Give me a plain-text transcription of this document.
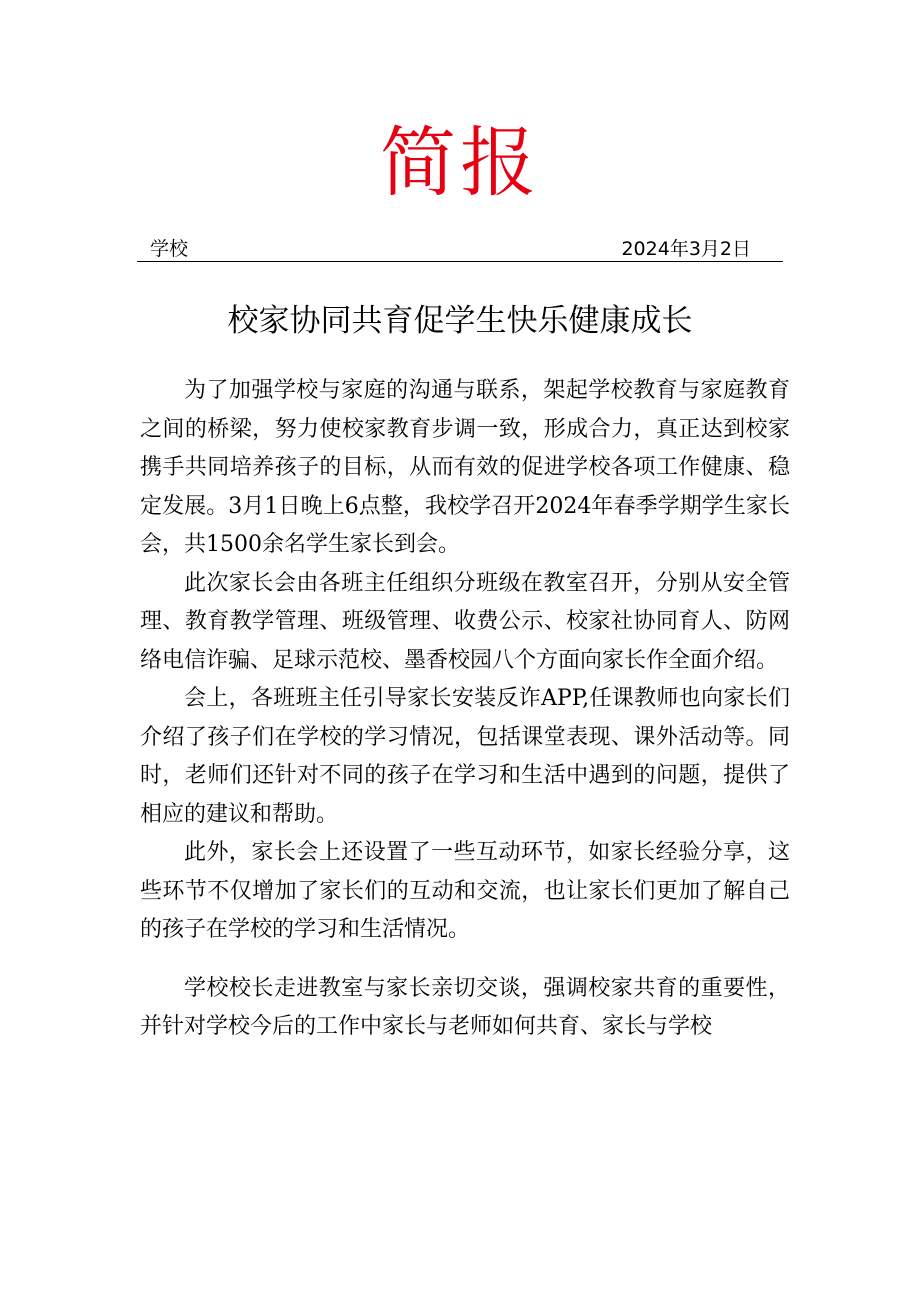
简报
学校	2024年3月2日
校家协同共育促学生快乐健康成长

为了加强学校与家庭的沟通与联系，架起学校教育与家庭教育之间的桥梁，努力使校家教育步调一致，形成合力，真正达到校家携手共同培养孩子的目标，从而有效的促进学校各项工作健康、稳定发展。3月1日晚上6点整，我校学召开2024年春季学期学生家长会，共1500余名学生家长到会。

此次家长会由各班主任组织分班级在教室召开，分别从安全管理、教育教学管理、班级管理、收费公示、校家社协同育人、防网络电信诈骗、足球示范校、墨香校园八个方面向家长作全面介绍。

会上，各班班主任引导家长安装反诈APP,任课教师也向家长们介绍了孩子们在学校的学习情况，包括课堂表现、课外活动等。同时，老师们还针对不同的孩子在学习和生活中遇到的问题，提供了相应的建议和帮助。

此外，家长会上还设置了一些互动环节，如家长经验分享，这些环节不仅增加了家长们的互动和交流，也让家长们更加了解自己的孩子在学校的学习和生活情况。

学校校长走进教室与家长亲切交谈，强调校家共育的重要性，并针对学校今后的工作中家长与老师如何共育、家长与学校
